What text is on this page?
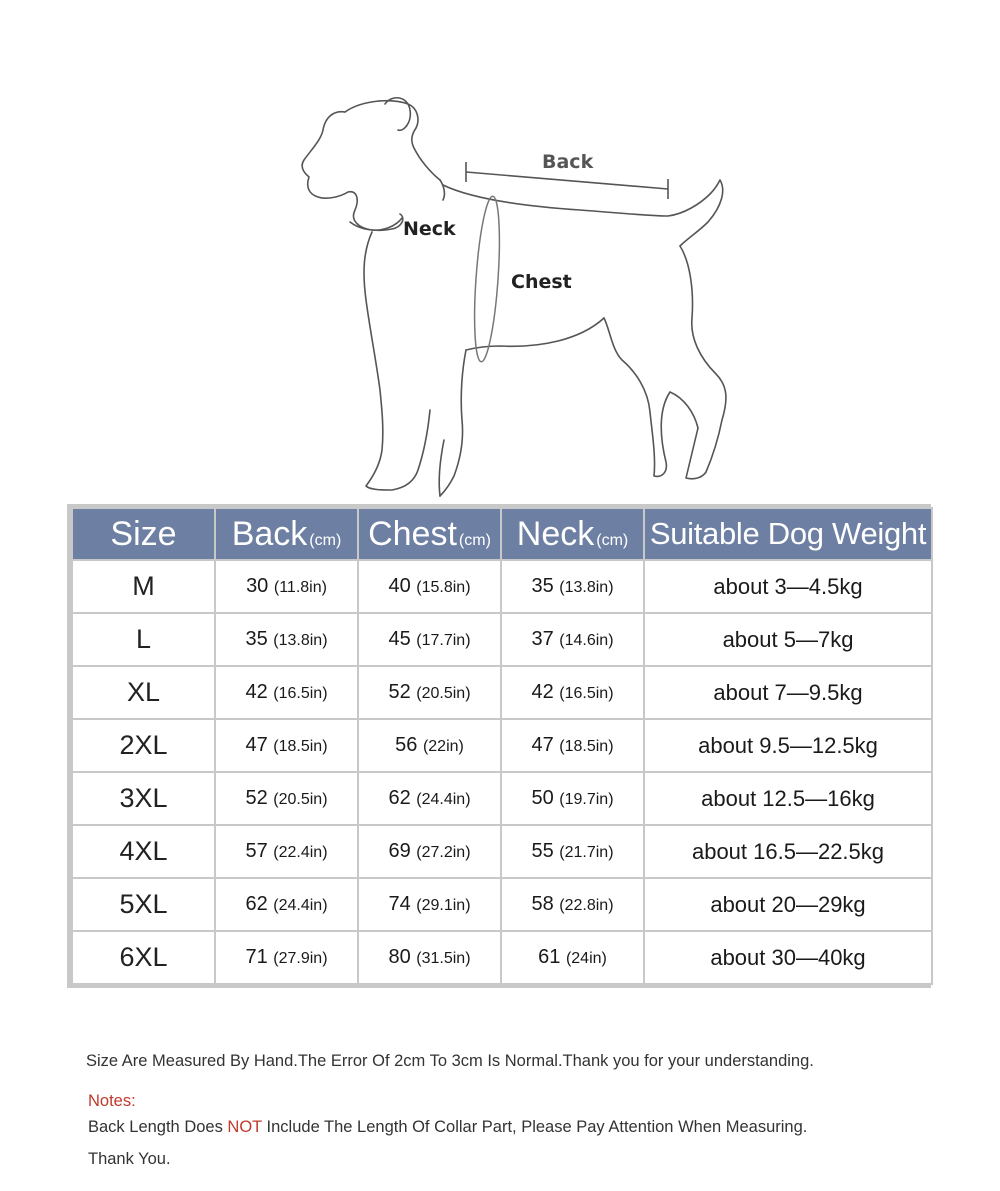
Back
Neck
Chest
Size	Back (cm)	Chest (cm)	Neck (cm)	Suitable Dog Weight
M	30 (11.8in)	40 (15.8in)	35 (13.8in)	about 3—4.5kg
L	35 (13.8in)	45 (17.7in)	37 (14.6in)	about 5—7kg
XL	42 (16.5in)	52 (20.5in)	42 (16.5in)	about 7—9.5kg
2XL	47 (18.5in)	56 (22in)	47 (18.5in)	about 9.5—12.5kg
3XL	52 (20.5in)	62 (24.4in)	50 (19.7in)	about 12.5—16kg
4XL	57 (22.4in)	69 (27.2in)	55 (21.7in)	about 16.5—22.5kg
5XL	62 (24.4in)	74 (29.1in)	58 (22.8in)	about 20—29kg
6XL	71 (27.9in)	80 (31.5in)	61 (24in)	about 30—40kg
Size Are Measured By Hand.The Error Of 2cm To 3cm Is Normal.Thank you for your understanding.
Notes:
Back Length Does NOT Include The Length Of Collar Part, Please Pay Attention When Measuring.
Thank You.
